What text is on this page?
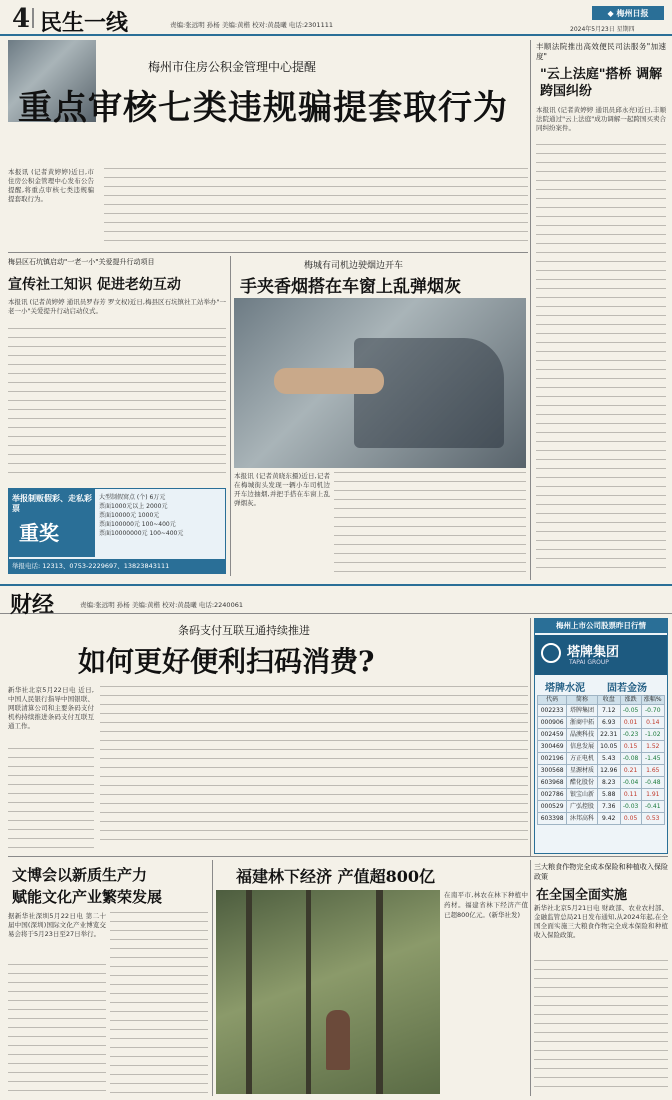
4 民生一线	责编:张远明 孙杨 美编:黄楷 校对:黄晨曦 电话:2301111
◆ 梅州日报
2024年5月23日 星期四
梅州市住房公积金管理中心提醒
重点审核七类违规骗提套取行为
本报讯 (记者黄婷婷)近日,市住房公积金管理中心发布公告提醒,将重点审核七类违规骗提套取行为。
丰顺法院推出高效便民司法服务"加速度"
"云上法庭"搭桥 调解跨国纠纷
本报讯 (记者黄婷婷 通讯员邱永亮)近日,丰顺法院通过"云上法庭"成功调解一起跨国买卖合同纠纷案件。
梅县区石坑镇启动"一老一小"关爱提升行动项目
宣传社工知识 促进老幼互动
本报讯 (记者黄婷婷 通讯员罗春芳 罗文权)近日,梅县区石坑镇社工站举办"一老一小"关爱提升行动启动仪式。
举报制贩假彩、走私彩票
重奖
大型制假窝点 (个) 6万元
票面1000元以上 2000元
票面10000元 1000元
票面100000元 100~400元
票面10000000元 100~400元
举报电话: 12313、0753-2229697、13823843111
梅城有司机边驶烟边开车
手夹香烟搭在车窗上乱弹烟灰
本报讯 (记者黄晓东摄)近日,记者在梅城街头发现一辆小车司机边开车边抽烟,并把手搭在车窗上乱弹烟灰。
财经	责编:张远明 孙杨 美编:黄楷 校对:黄晨曦 电话:2240061
条码支付互联互通持续推进
如何更好便利扫码消费?
新华社北京5月22日电 近日,中国人民银行指导中国银联、网联清算公司和主要条码支付机构持续推进条码支付互联互通工作。
梅州上市公司股票昨日行情
塔牌集团
TAPAI GROUP
塔牌水泥 固若金汤
代码	简称	收盘	涨跌	涨幅%
002233	塔牌集团	7.12	-0.05	-0.70
000906	浙商中拓	6.93	0.01	0.14
002459	晶澳科技	22.31	-0.23	-1.02
300469	信息发展	10.05	0.15	1.52
002196	方正电机	5.43	-0.08	-1.45
300568	星源材质	12.96	0.21	1.65
603968	醋化股份	8.23	-0.04	-0.48
002786	银宝山新	5.88	0.11	1.91
000529	广弘控股	7.36	-0.03	-0.41
603398	沐邦高科	9.42	0.05	0.53
文博会以新质生产力
赋能文化产业繁荣发展
据新华社深圳5月22日电 第二十届中国(深圳)国际文化产业博览交易会将于5月23日至27日举行。
福建林下经济 产值超800亿
在南平市,林农在林下种植中药材。福建省林下经济产值已超800亿元。(新华社发)
三大粮食作物完全成本保险和种植收入保险政策
在全国全面实施
新华社北京5月21日电 财政部、农业农村部、金融监管总局21日发布通知,从2024年起,在全国全面实施三大粮食作物完全成本保险和种植收入保险政策。
